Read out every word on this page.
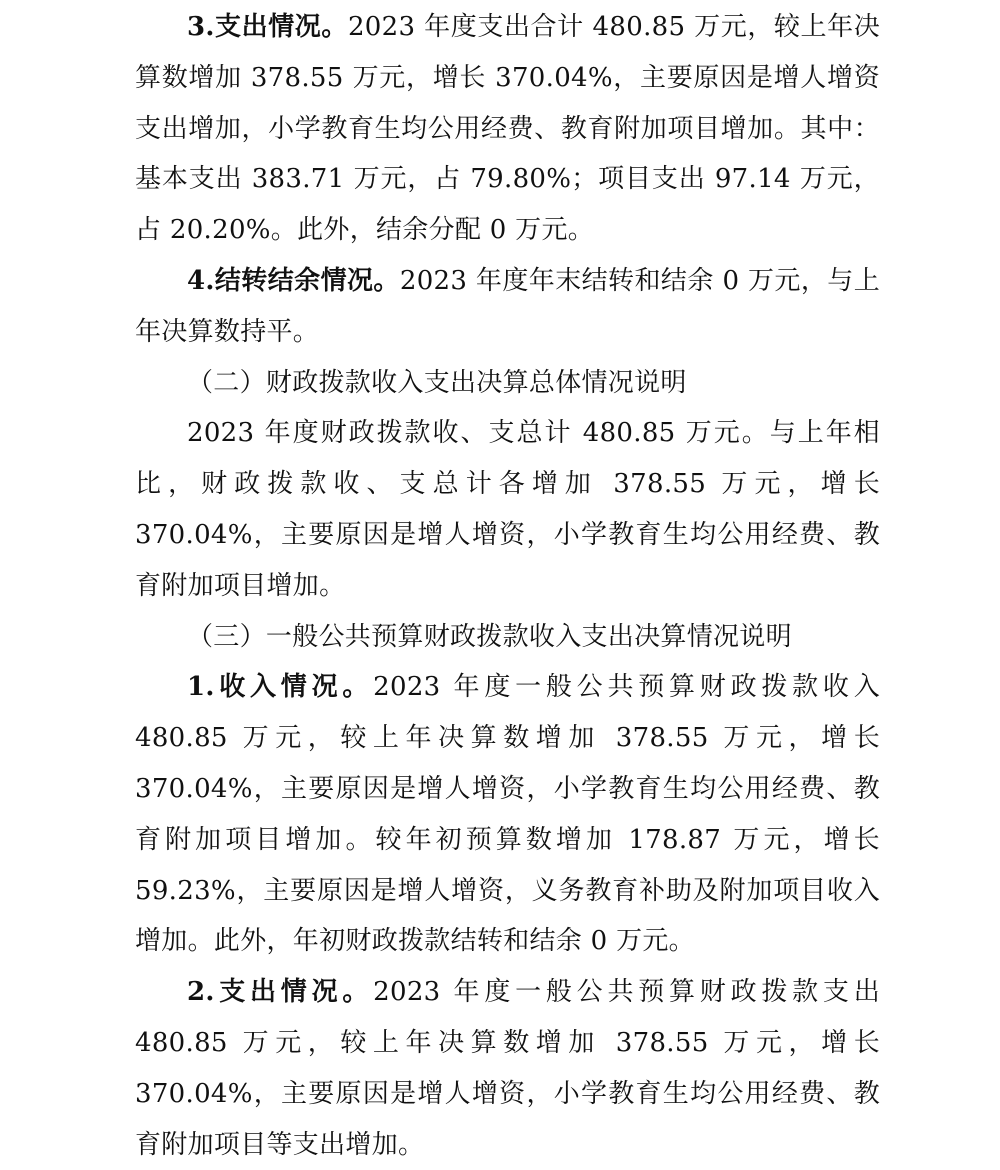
3.支出情况。2023 年度支出合计 480.85 万元，较上年决算数增加 378.55 万元，增长 370.04%，主要原因是增人增资支出增加，小学教育生均公用经费、教育附加项目增加。其中：基本支出 383.71 万元，占 79.80%；项目支出 97.14 万元，占 20.20%。此外，结余分配 0 万元。

4.结转结余情况。2023 年度年末结转和结余 0 万元，与上年决算数持平。

（二）财政拨款收入支出决算总体情况说明

2023 年度财政拨款收、支总计 480.85 万元。与上年相比，财政拨款收、支总计各增加 378.55 万元，增长 370.04%，主要原因是增人增资，小学教育生均公用经费、教育附加项目增加。

（三）一般公共预算财政拨款收入支出决算情况说明

1.收入情况。2023 年度一般公共预算财政拨款收入 480.85 万元，较上年决算数增加 378.55 万元，增长 370.04%，主要原因是增人增资，小学教育生均公用经费、教育附加项目增加。较年初预算数增加 178.87 万元，增长 59.23%，主要原因是增人增资，义务教育补助及附加项目收入增加。此外，年初财政拨款结转和结余 0 万元。

2.支出情况。2023 年度一般公共预算财政拨款支出 480.85 万元，较上年决算数增加 378.55 万元，增长 370.04%，主要原因是增人增资，小学教育生均公用经费、教育附加项目等支出增加。
